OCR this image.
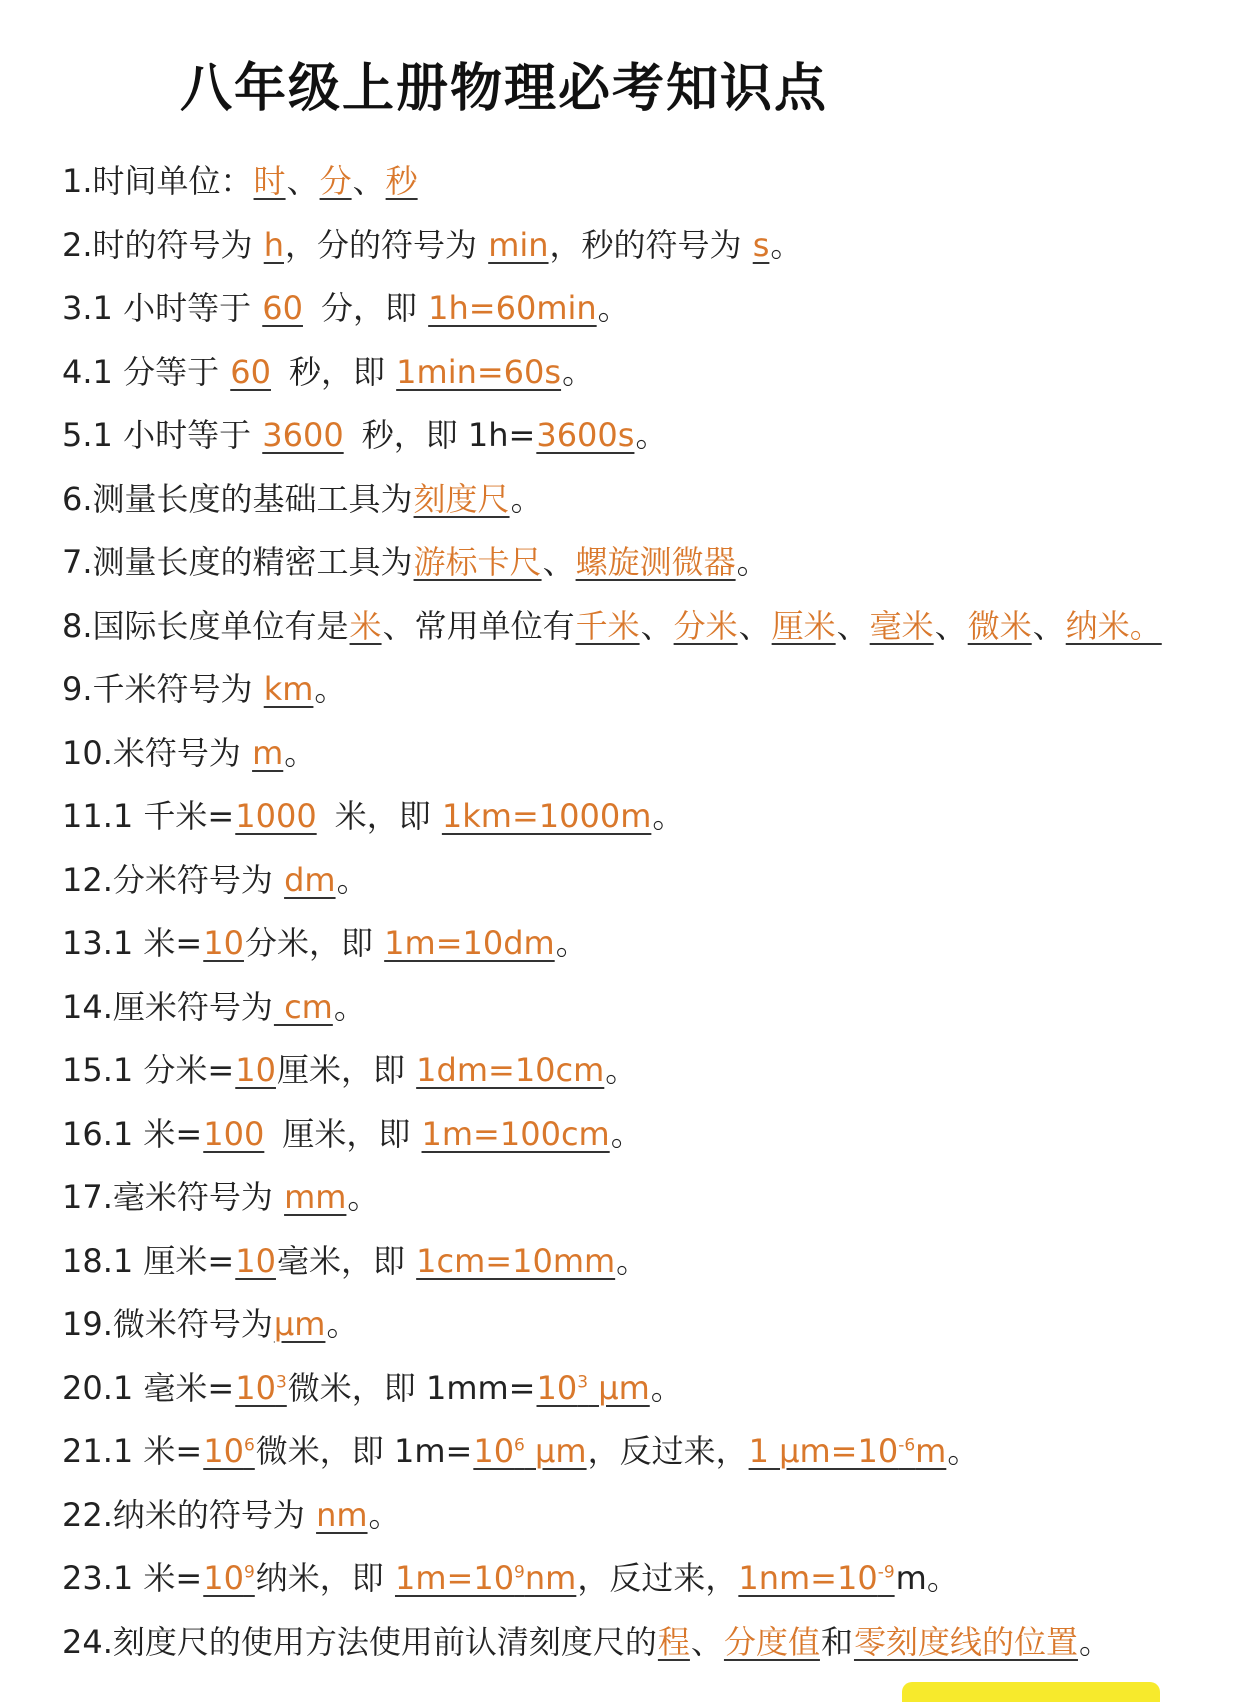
八年级上册物理必考知识点
1.时间单位：时、分、秒
2.时的符号为 h，分的符号为 min，秒的符号为 s。
3.1 小时等于 60 分，即 1h=60min。
4.1 分等于 60 秒，即 1min=60s。
5.1 小时等于 3600 秒，即 1h=3600s。
6.测量长度的基础工具为刻度尺。
7.测量长度的精密工具为游标卡尺、螺旋测微器。
8.国际长度单位有是米、常用单位有千米、分米、厘米、毫米、微米、纳米。
9.千米符号为 km。
10.米符号为 m。
11.1 千米=1000 米，即 1km=1000m。
12.分米符号为 dm。
13.1 米=10分米，即 1m=10dm。
14.厘米符号为 cm。
15.1 分米=10厘米，即 1dm=10cm。
16.1 米=100 厘米，即 1m=100cm。
17.毫米符号为 mm。
18.1 厘米=10毫米，即 1cm=10mm。
19.微米符号为μm。
20.1 毫米$=10^3$微米，即 $1mm=10^3$ μm。
21.1 米$=10^6$微米，即 $1m=10^6$ μm，反过来，1 $\mu m=10^{-6}m$。
22.纳米的符号为 nm。
23.1 米$=10^9$纳米，即 $1m=10^9nm$，反过来，$1nm=10^{-9}m$。
24.刻度尺的使用方法使用前认清刻度尺的程、分度值和零刻度线的位置。
